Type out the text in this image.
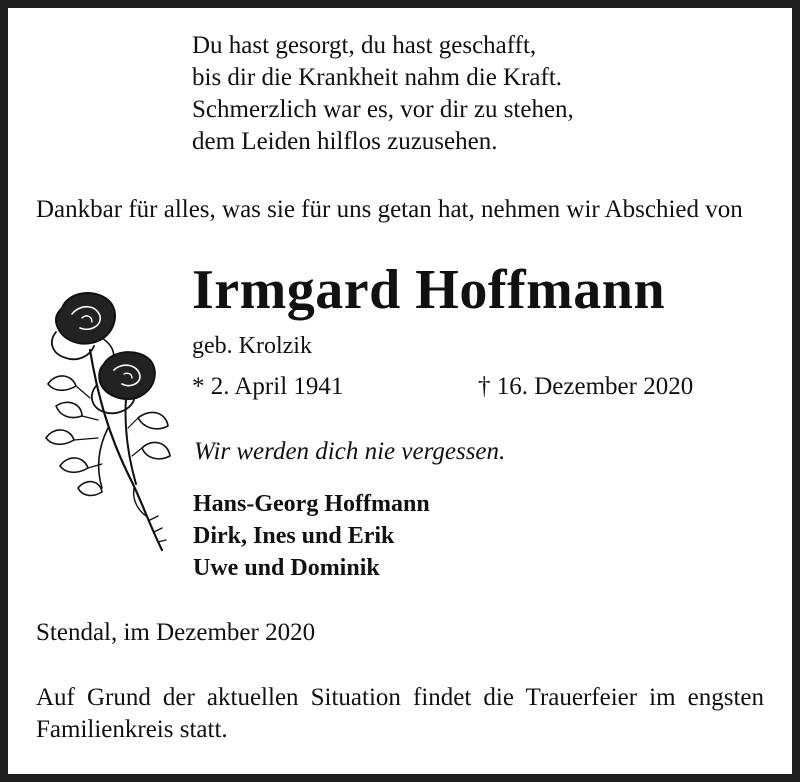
Du hast gesorgt, du hast geschafft,
bis dir die Krankheit nahm die Kraft.
Schmerzlich war es, vor dir zu stehen,
dem Leiden hilflos zuzusehen.
Dankbar für alles, was sie für uns getan hat, nehmen wir Abschied von
Irmgard Hoffmann
geb. Krolzik
* 2. April 1941	† 16. Dezember 2020
Wir werden dich nie vergessen.
Hans-Georg Hoffmann
Dirk, Ines und Erik
Uwe und Dominik
Stendal, im Dezember 2020
Auf Grund der aktuellen Situation findet die Trauerfeier im engsten Familienkreis statt.
